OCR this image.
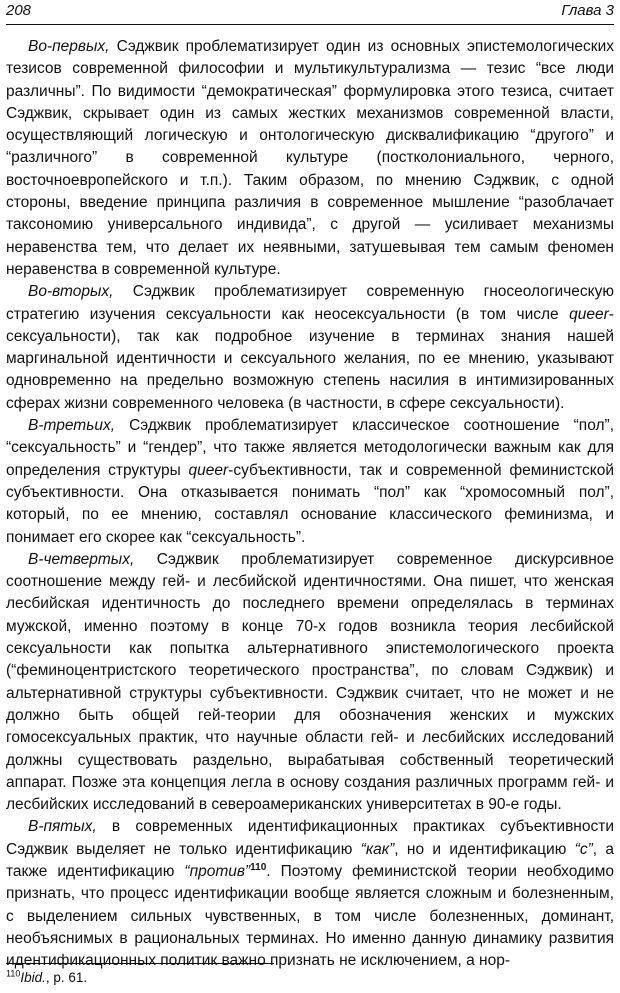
208	Глава 3

Во-первых, Сэджвик проблематизирует один из основных эпистемологических тезисов современной философии и мультикультурализма — тезис “все люди различны”. По видимости “демократическая” формулировка этого тезиса, считает Сэджвик, скрывает один из самых жестких механизмов современной власти, осуществляющий логическую и онтологическую дисквалификацию “другого” и “различного” в современной культуре (постколониального, черного, восточноевропейского и т.п.). Таким образом, по мнению Сэджвик, с одной стороны, введение принципа различия в современное мышление “разоблачает таксономию универсального индивида”, с другой — усиливает механизмы неравенства тем, что делает их неявными, затушевывая тем самым феномен неравенства в современной культуре.

Во-вторых, Сэджвик проблематизирует современную гносеологическую стратегию изучения сексуальности как неосексуальности (в том числе queer-сексуальности), так как подробное изучение в терминах знания нашей маргинальной идентичности и сексуального желания, по ее мнению, указывают одновременно на предельно возможную степень насилия в интимизированных сферах жизни современного человека (в частности, в сфере сексуальности).

В-третьих, Сэджвик проблематизирует классическое соотношение “пол”, “сексуальность” и “гендер”, что также является методологически важным как для определения структуры queer-субъективности, так и современной феминистской субъективности. Она отказывается понимать “пол” как “хромосомный пол”, который, по ее мнению, составлял основание классического феминизма, и понимает его скорее как “сексуальность”.

В-четвертых, Сэджвик проблематизирует современное дискурсивное соотношение между гей- и лесбийской идентичностями. Она пишет, что женская лесбийская идентичность до последнего времени определялась в терминах мужской, именно поэтому в конце 70-х годов возникла теория лесбийской сексуальности как попытка альтернативного эпистемологического проекта (“феминоцентристского теоретического пространства”, по словам Сэджвик) и альтернативной структуры субъективности. Сэджвик считает, что не может и не должно быть общей гей-теории для обозначения женских и мужских гомосексуальных практик, что научные области гей- и лесбийских исследований должны существовать раздельно, вырабатывая собственный теоретический аппарат. Позже эта концепция легла в основу создания различных программ гей- и лесбийских исследований в североамериканских университетах в 90-е годы.

В-пятых, в современных идентификационных практиках субъективности Сэджвик выделяет не только идентификацию “как”, но и идентификацию “с”, а также идентификацию “против”$^{110}$. Поэтому феминистской теории необходимо признать, что процесс идентификации вообще является сложным и болезненным, с выделением сильных чувственных, в том числе болезненных, доминант, необъяснимых в рациональных терминах. Но именно данную динамику развития идентификационных политик важно признать не исключением, а нор-

$^{110}$Ibid., p. 61.
